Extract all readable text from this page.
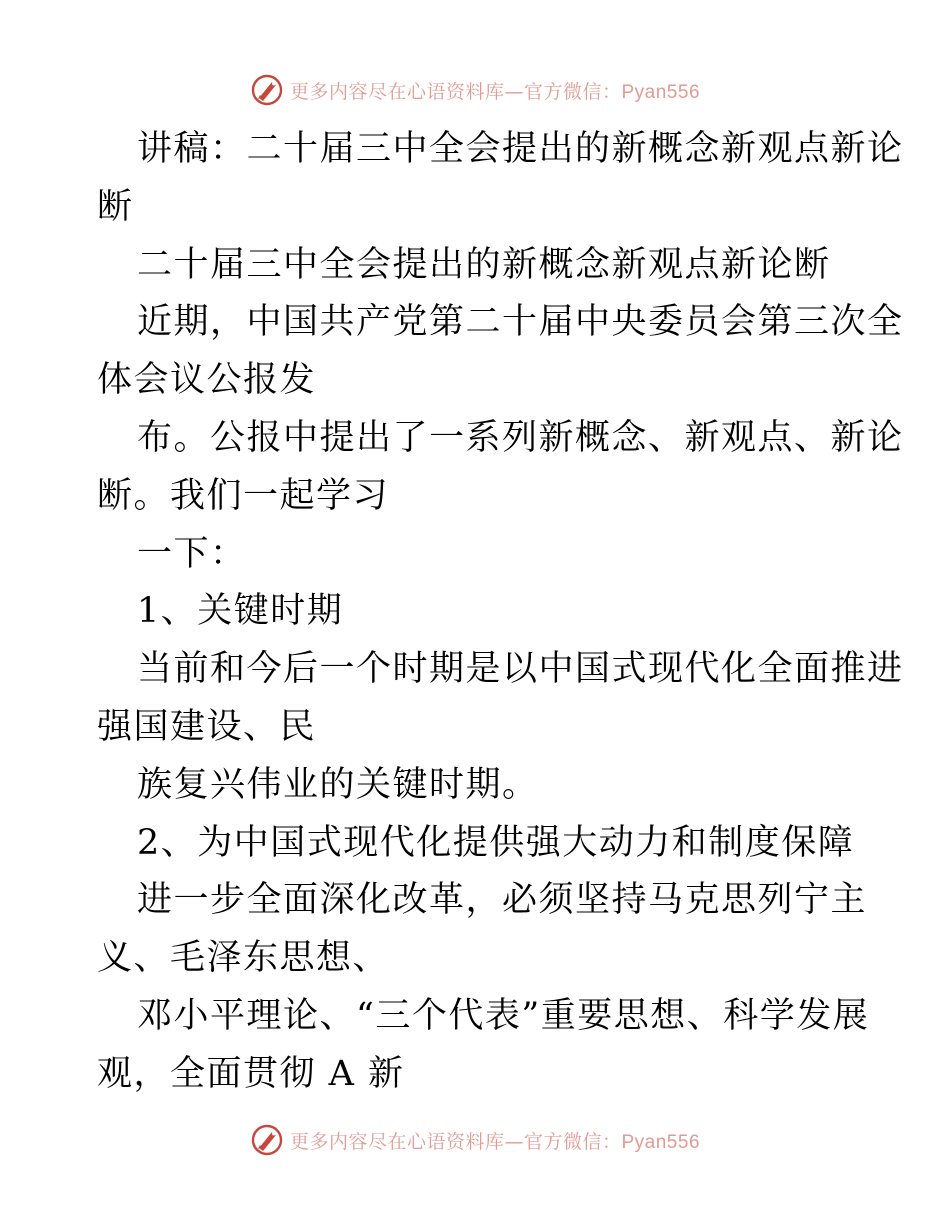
更多内容尽在心语资料库—官方微信：Pyan556

讲稿：二十届三中全会提出的新概念新观点新论

断

二十届三中全会提出的新概念新观点新论断

近期，中国共产党第二十届中央委员会第三次全

体会议公报发

布。公报中提出了一系列新概念、新观点、新论

断。我们一起学习

一下：

1、关键时期

当前和今后一个时期是以中国式现代化全面推进

强国建设、民

族复兴伟业的关键时期。

2、为中国式现代化提供强大动力和制度保障

进一步全面深化改革，必须坚持马克思列宁主

义、毛泽东思想、

邓小平理论、“三个代表”重要思想、科学发展

观，全面贯彻 A 新

更多内容尽在心语资料库—官方微信：Pyan556
